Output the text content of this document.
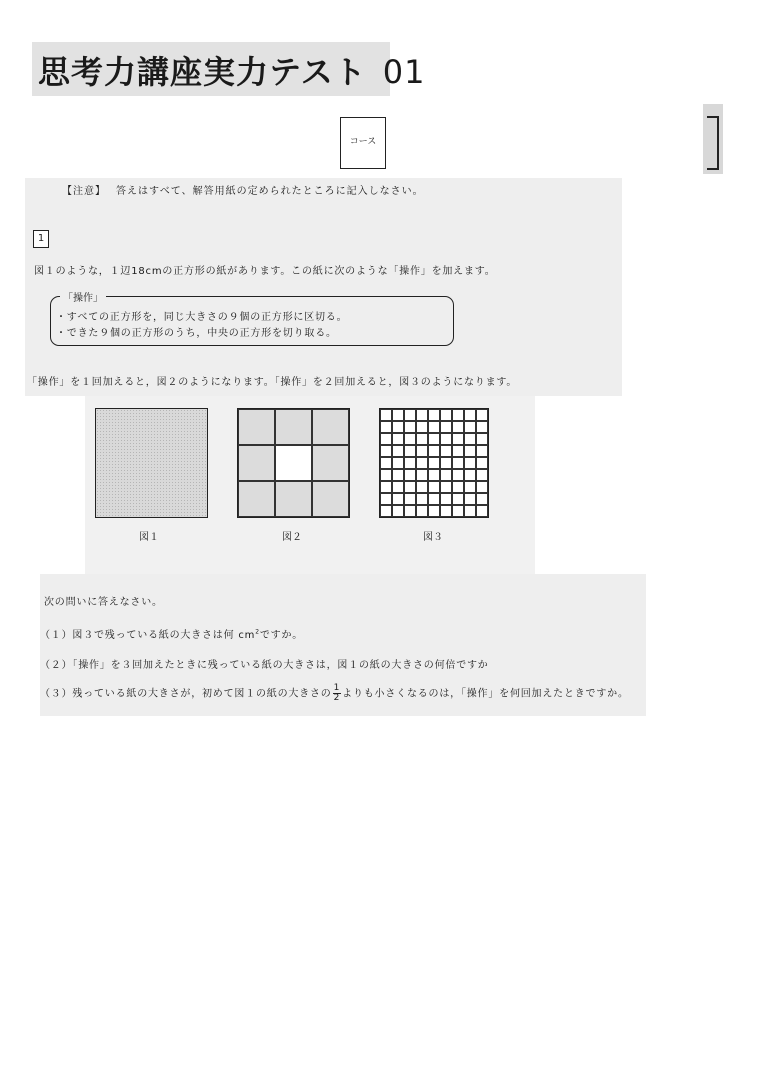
思考力講座実力テスト 01
コース
【注意】 答えはすべて、解答用紙の定められたところに記入しなさい。
1
図１のような，１辺18cmの正方形の紙があります。この紙に次のような「操作」を加えます。
「操作」
・すべての正方形を，同じ大きさの９個の正方形に区切る。
・できた９個の正方形のうち，中央の正方形を切り取る。
「操作」を１回加えると，図２のようになります。「操作」を２回加えると，図３のようになります。
図１	図２	図３
次の問いに答えなさい。
（１）図３で残っている紙の大きさは何 $cm^2$ですか。
（２）「操作」を３回加えたときに残っている紙の大きさは，図１の紙の大きさの何倍ですか
（３）残っている紙の大きさが，初めて図１の紙の大きさの $\frac{1}{2}$ よりも小さくなるのは，「操作」を何回加えたときですか。
